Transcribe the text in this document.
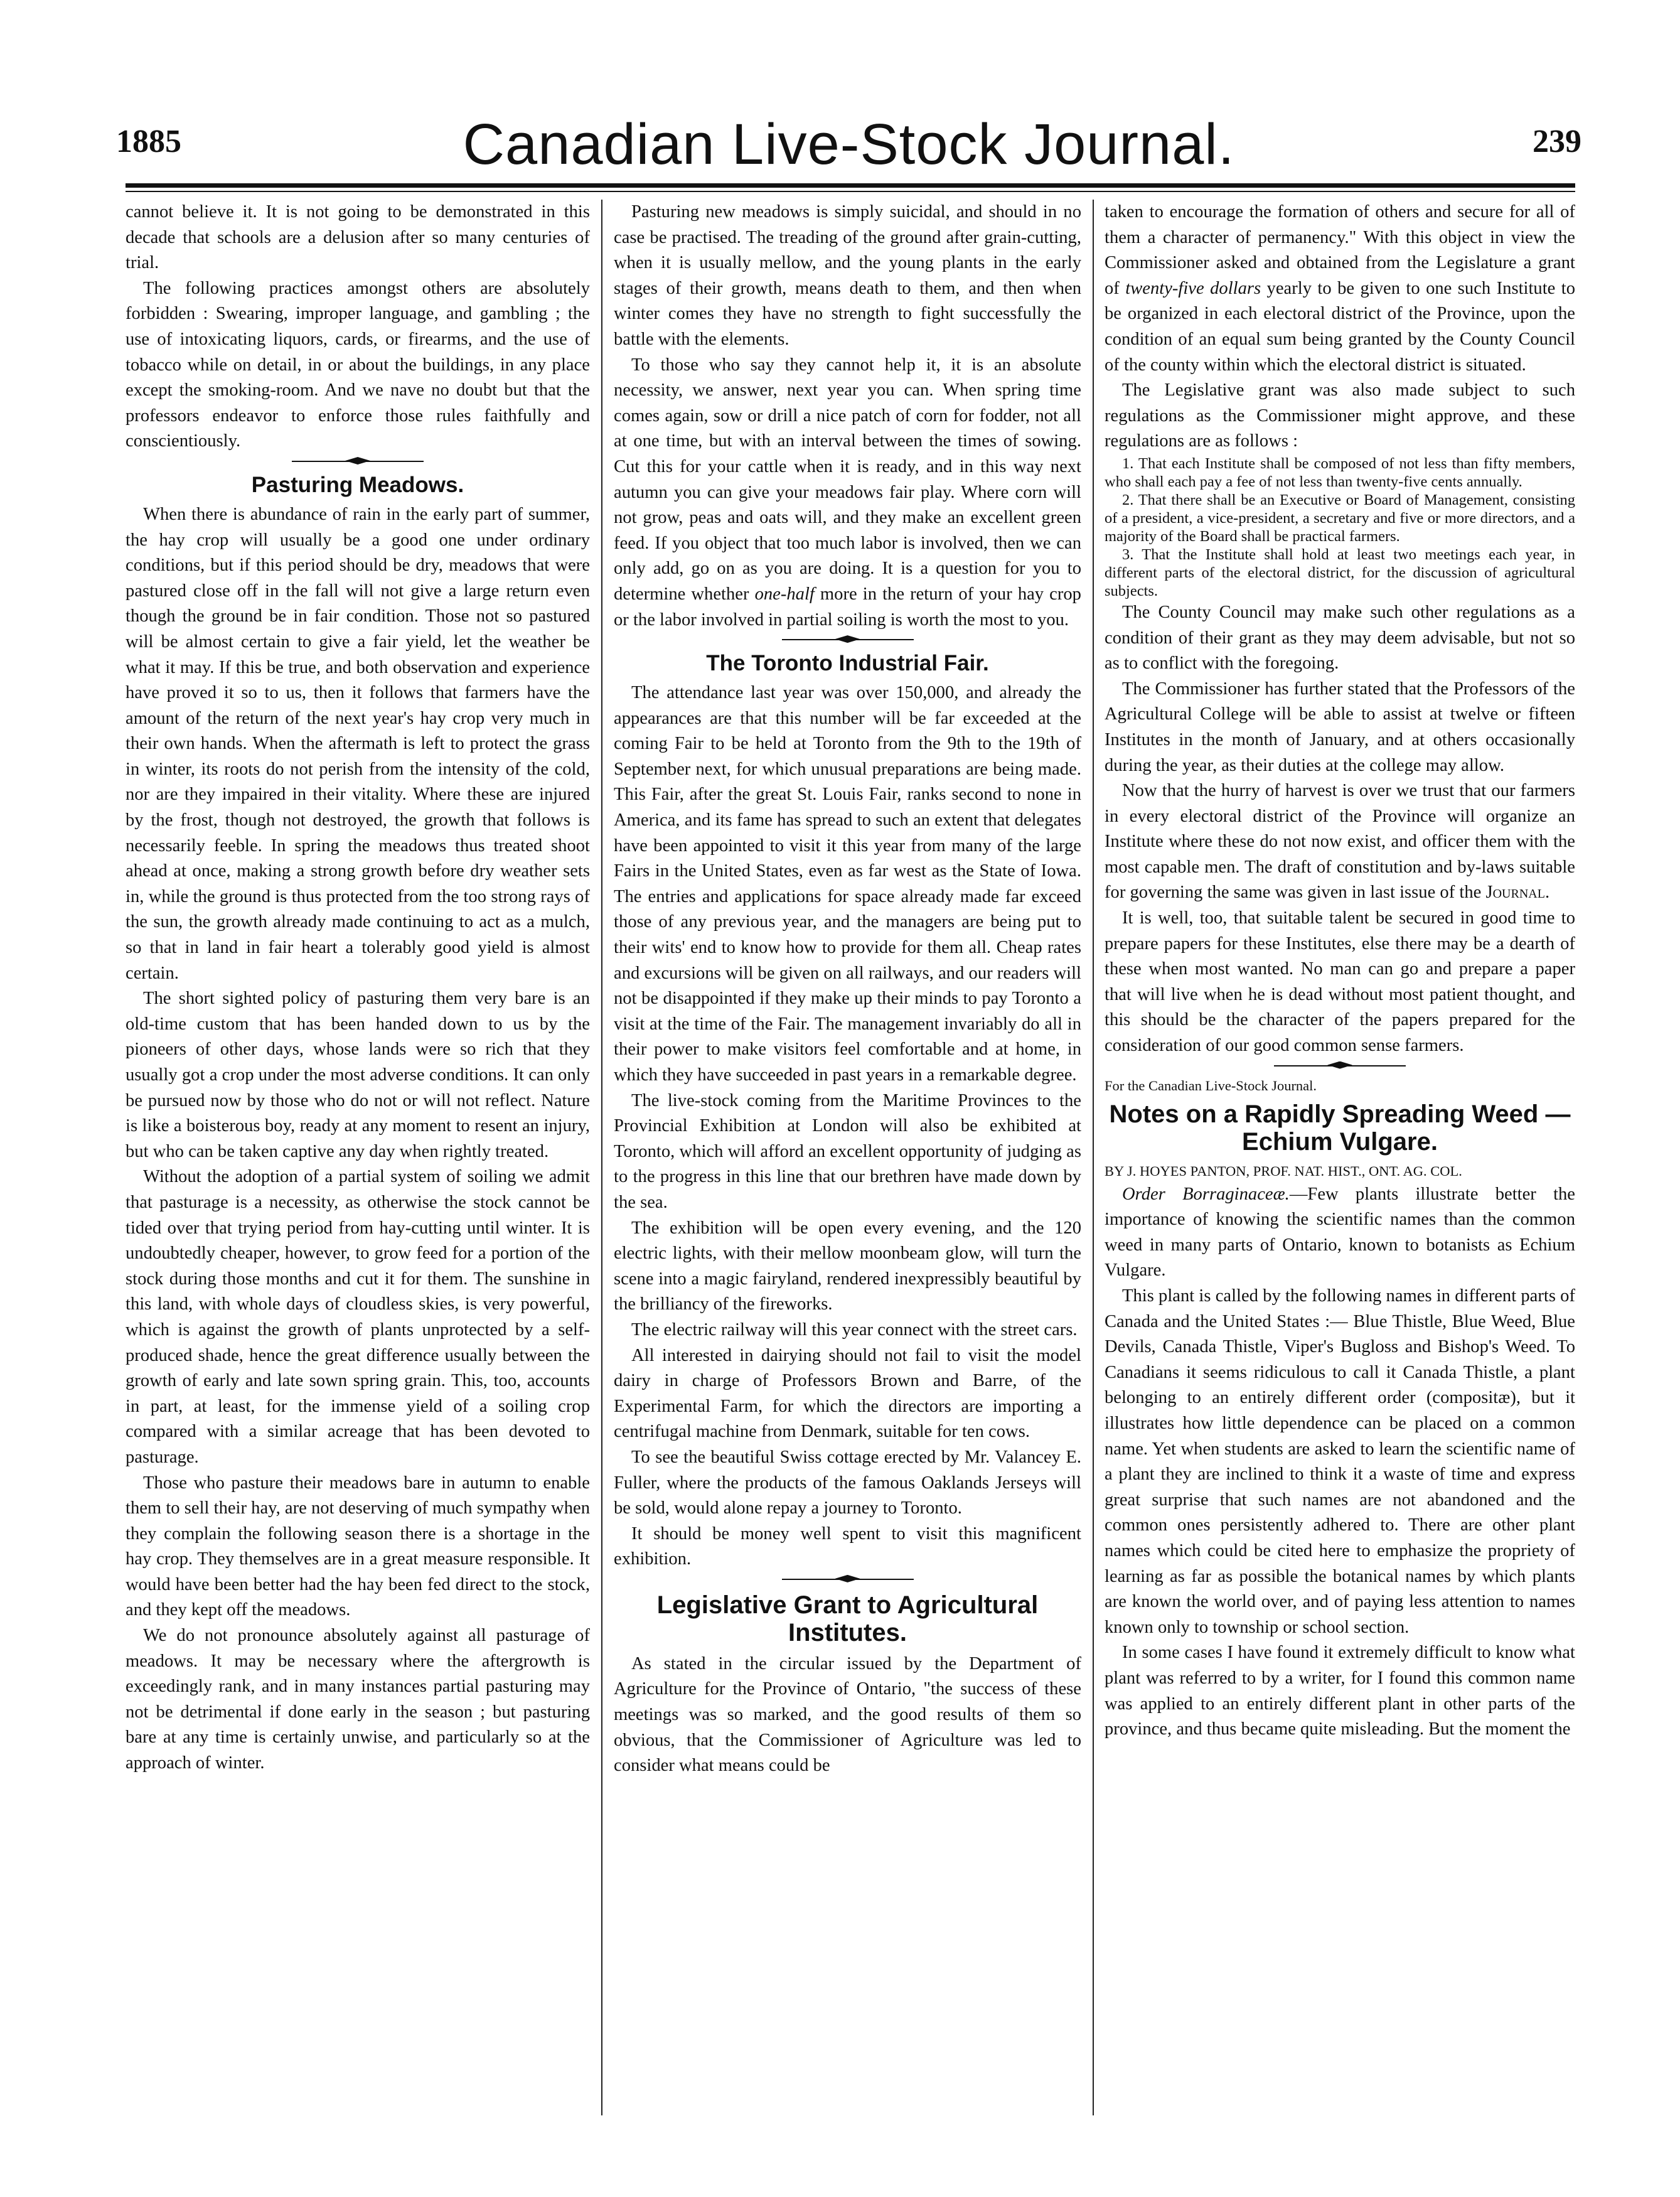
1885	Canadian Live-Stock Journal.	239

cannot believe it. It is not going to be demonstrated in this decade that schools are a delusion after so many centuries of trial.

The following practices amongst others are absolutely forbidden : Swearing, improper language, and gambling ; the use of intoxicating liquors, cards, or firearms, and the use of tobacco while on detail, in or about the buildings, in any place except the smoking-room. And we nave no doubt but that the professors endeavor to enforce those rules faithfully and conscientiously.

Pasturing Meadows.

When there is abundance of rain in the early part of summer, the hay crop will usually be a good one under ordinary conditions, but if this period should be dry, meadows that were pastured close off in the fall will not give a large return even though the ground be in fair condition. Those not so pastured will be almost certain to give a fair yield, let the weather be what it may. If this be true, and both observation and experience have proved it so to us, then it follows that farmers have the amount of the return of the next year's hay crop very much in their own hands. When the aftermath is left to protect the grass in winter, its roots do not perish from the intensity of the cold, nor are they impaired in their vitality. Where these are injured by the frost, though not destroyed, the growth that follows is necessarily feeble. In spring the meadows thus treated shoot ahead at once, making a strong growth before dry weather sets in, while the ground is thus protected from the too strong rays of the sun, the growth already made continuing to act as a mulch, so that in land in fair heart a tolerably good yield is almost certain.

The short sighted policy of pasturing them very bare is an old-time custom that has been handed down to us by the pioneers of other days, whose lands were so rich that they usually got a crop under the most adverse conditions. It can only be pursued now by those who do not or will not reflect. Nature is like a boisterous boy, ready at any moment to resent an injury, but who can be taken captive any day when rightly treated.

Without the adoption of a partial system of soiling we admit that pasturage is a necessity, as otherwise the stock cannot be tided over that trying period from hay-cutting until winter. It is undoubtedly cheaper, however, to grow feed for a portion of the stock during those months and cut it for them. The sunshine in this land, with whole days of cloudless skies, is very powerful, which is against the growth of plants unprotected by a self-produced shade, hence the great difference usually between the growth of early and late sown spring grain. This, too, accounts in part, at least, for the immense yield of a soiling crop compared with a similar acreage that has been devoted to pasturage.

Those who pasture their meadows bare in autumn to enable them to sell their hay, are not deserving of much sympathy when they complain the following season there is a shortage in the hay crop. They themselves are in a great measure responsible. It would have been better had the hay been fed direct to the stock, and they kept off the meadows.

We do not pronounce absolutely against all pasturage of meadows. It may be necessary where the aftergrowth is exceedingly rank, and in many instances partial pasturing may not be detrimental if done early in the season ; but pasturing bare at any time is certainly unwise, and particularly so at the approach of winter.

Pasturing new meadows is simply suicidal, and should in no case be practised. The treading of the ground after grain-cutting, when it is usually mellow, and the young plants in the early stages of their growth, means death to them, and then when winter comes they have no strength to fight successfully the battle with the elements.

To those who say they cannot help it, it is an absolute necessity, we answer, next year you can. When spring time comes again, sow or drill a nice patch of corn for fodder, not all at one time, but with an interval between the times of sowing. Cut this for your cattle when it is ready, and in this way next autumn you can give your meadows fair play. Where corn will not grow, peas and oats will, and they make an excellent green feed. If you object that too much labor is involved, then we can only add, go on as you are doing. It is a question for you to determine whether one-half more in the return of your hay crop or the labor involved in partial soiling is worth the most to you.

The Toronto Industrial Fair.

The attendance last year was over 150,000, and already the appearances are that this number will be far exceeded at the coming Fair to be held at Toronto from the 9th to the 19th of September next, for which unusual preparations are being made. This Fair, after the great St. Louis Fair, ranks second to none in America, and its fame has spread to such an extent that delegates have been appointed to visit it this year from many of the large Fairs in the United States, even as far west as the State of Iowa. The entries and applications for space already made far exceed those of any previous year, and the managers are being put to their wits' end to know how to provide for them all. Cheap rates and excursions will be given on all railways, and our readers will not be disappointed if they make up their minds to pay Toronto a visit at the time of the Fair. The management invariably do all in their power to make visitors feel comfortable and at home, in which they have succeeded in past years in a remarkable degree.

The live-stock coming from the Maritime Provinces to the Provincial Exhibition at London will also be exhibited at Toronto, which will afford an excellent opportunity of judging as to the progress in this line that our brethren have made down by the sea.

The exhibition will be open every evening, and the 120 electric lights, with their mellow moonbeam glow, will turn the scene into a magic fairyland, rendered inexpressibly beautiful by the brilliancy of the fireworks.

The electric railway will this year connect with the street cars.

All interested in dairying should not fail to visit the model dairy in charge of Professors Brown and Barre, of the Experimental Farm, for which the directors are importing a centrifugal machine from Denmark, suitable for ten cows.

To see the beautiful Swiss cottage erected by Mr. Valancey E. Fuller, where the products of the famous Oaklands Jerseys will be sold, would alone repay a journey to Toronto.

It should be money well spent to visit this magnificent exhibition.

Legislative Grant to Agricultural Institutes.

As stated in the circular issued by the Department of Agriculture for the Province of Ontario, "the success of these meetings was so marked, and the good results of them so obvious, that the Commissioner of Agriculture was led to consider what means could be

taken to encourage the formation of others and secure for all of them a character of permanency." With this object in view the Commissioner asked and obtained from the Legislature a grant of twenty-five dollars yearly to be given to one such Institute to be organized in each electoral district of the Province, upon the condition of an equal sum being granted by the County Council of the county within which the electoral district is situated.

The Legislative grant was also made subject to such regulations as the Commissioner might approve, and these regulations are as follows :

1. That each Institute shall be composed of not less than fifty members, who shall each pay a fee of not less than twenty-five cents annually.

2. That there shall be an Executive or Board of Management, consisting of a president, a vice-president, a secretary and five or more directors, and a majority of the Board shall be practical farmers.

3. That the Institute shall hold at least two meetings each year, in different parts of the electoral district, for the discussion of agricultural subjects.

The County Council may make such other regulations as a condition of their grant as they may deem advisable, but not so as to conflict with the foregoing.

The Commissioner has further stated that the Professors of the Agricultural College will be able to assist at twelve or fifteen Institutes in the month of January, and at others occasionally during the year, as their duties at the college may allow.

Now that the hurry of harvest is over we trust that our farmers in every electoral district of the Province will organize an Institute where these do not now exist, and officer them with the most capable men. The draft of constitution and by-laws suitable for governing the same was given in last issue of the Journal.

It is well, too, that suitable talent be secured in good time to prepare papers for these Institutes, else there may be a dearth of these when most wanted. No man can go and prepare a paper that will live when he is dead without most patient thought, and this should be the character of the papers prepared for the consideration of our good common sense farmers.

For the Canadian Live-Stock Journal.

Notes on a Rapidly Spreading Weed —Echium Vulgare.

BY J. HOYES PANTON, PROF. NAT. HIST., ONT. AG. COL.

Order Borraginaceæ.—Few plants illustrate better the importance of knowing the scientific names than the common weed in many parts of Ontario, known to botanists as Echium Vulgare.

This plant is called by the following names in different parts of Canada and the United States :— Blue Thistle, Blue Weed, Blue Devils, Canada Thistle, Viper's Bugloss and Bishop's Weed. To Canadians it seems ridiculous to call it Canada Thistle, a plant belonging to an entirely different order (compositæ), but it illustrates how little dependence can be placed on a common name. Yet when students are asked to learn the scientific name of a plant they are inclined to think it a waste of time and express great surprise that such names are not abandoned and the common ones persistently adhered to. There are other plant names which could be cited here to emphasize the propriety of learning as far as possible the botanical names by which plants are known the world over, and of paying less attention to names known only to township or school section.

In some cases I have found it extremely difficult to know what plant was referred to by a writer, for I found this common name was applied to an entirely different plant in other parts of the province, and thus became quite misleading. But the moment the
